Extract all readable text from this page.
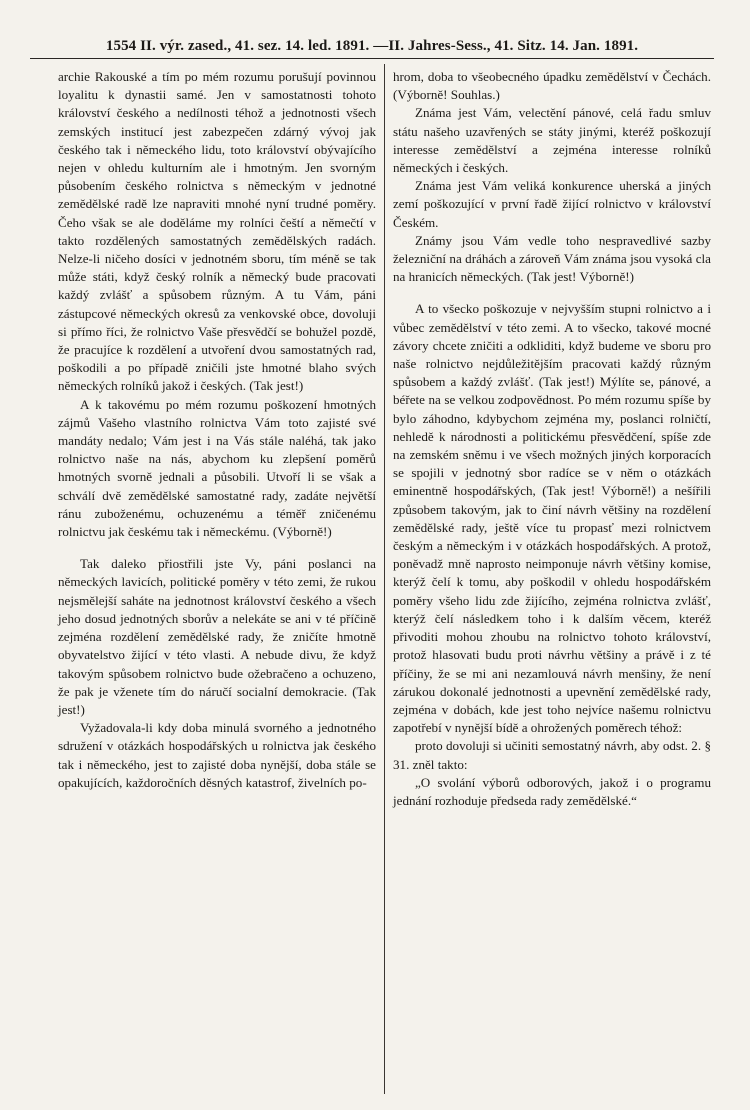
1554 II. výr. zased., 41. sez. 14. led. 1891. —II. Jahres-Sess., 41. Sitz. 14. Jan. 1891.

archie Rakouské a tím po mém rozumu porušují povinnou loyalitu k dynastii samé. Jen v samostatnosti tohoto království českého a nedílnosti téhož a jednotnosti všech zemských institucí jest zabezpečen zdárný vývoj jak českého tak i německého lidu, toto království obývajícího nejen v ohledu kulturním ale i hmotným. Jen svorným působením českého rolnictva s německým v jednotné zemědělské radě lze napraviti mnohé nyní trudné poměry. Čeho však se ale doděláme my rolníci čeští a němečtí v takto rozdělených samostatných zemědělských radách. Nelze-li ničeho dosíci v jednotném sboru, tím méně se tak může státi, když český rolník a německý bude pracovati každý zvlášť a spůsobem různým. A tu Vám, páni zástupcové německých okresů za venkovské obce, dovoluji si přímo říci, že rolnictvo Vaše přesvědčí se bohužel pozdě, že pracujíce k rozdělení a utvoření dvou samostatných rad, poškodili a po případě zničili jste hmotné blaho svých německých rolníků jakož i českých. (Tak jest!)

A k takovému po mém rozumu poškození hmotných zájmů Vašeho vlastního rolnictva Vám toto zajisté své mandáty nedalo; Vám jest i na Vás stále naléhá, tak jako rolnictvo naše na nás, abychom ku zlepšení poměrů hmotných svorně jednali a působili. Utvoří li se však a schválí dvě zemědělské samostatné rady, zadáte největší ránu zuboženému, ochuzenému a téměř zničenému rolnictvu jak českému tak i německému. (Výborně!)

Tak daleko přiostřili jste Vy, páni poslanci na německých lavicích, politické poměry v této zemi, že rukou nejsmělejší saháte na jednotnost království českého a všech jeho dosud jednotných sborův a nelekáte se ani v té příčině zejména rozdělení zemědělské rady, že zničíte hmotně obyvatelstvo žijící v této vlasti. A nebude divu, že když takovým spůsobem rolnictvo bude ožebračeno a ochuzeno, že pak je vženete tím do náručí socialní demokracie. (Tak jest!)

Vyžadovala-li kdy doba minulá svorného a jednotného sdružení v otázkách hospodářských u rolnictva jak českého tak i německého, jest to zajisté doba nynější, doba stále se opakujících, každoročních děsných katastrof, živelních po-

hrom, doba to všeobecného úpadku zemědělství v Čechách. (Výborně! Souhlas.)

Známa jest Vám, velectění pánové, celá řadu smluv státu našeho uzavřených se státy jinými, kteréž poškozují interesse zemědělství a zejména interesse rolníků německých i českých.

Známa jest Vám veliká konkurence uherská a jiných zemí poškozující v první řadě žijící rolnictvo v království Českém.

Známy jsou Vám vedle toho nespravedlivé sazby železniční na dráhách a zároveň Vám známa jsou vysoká cla na hranicích německých. (Tak jest! Výborně!)

A to všecko poškozuje v nejvyšším stupni rolnictvo a i vůbec zemědělství v této zemi. A to všecko, takové mocné závory chcete zničiti a odkliditi, když budeme ve sboru pro naše rolnictvo nejdůležitějším pracovati každý různým spůsobem a každý zvlášť. (Tak jest!) Mýlíte se, pánové, a béřete na se velkou zodpovědnost. Po mém rozumu spíše by bylo záhodno, kdybychom zejména my, poslanci rolničtí, nehledě k národnosti a politickému přesvědčení, spíše zde na zemském sněmu i ve všech možných jiných korporacích se spojili v jednotný sbor radíce se v něm o otázkách eminentně hospodářských, (Tak jest! Výborně!) a nešířili způsobem takovým, jak to činí návrh většiny na rozdělení zemědělské rady, ještě více tu propasť mezi rolnictvem českým a německým i v otázkách hospodářských. A protož, poněvadž mně naprosto neimponuje návrh většiny komise, kterýž čelí k tomu, aby poškodil v ohledu hospodářském poměry všeho lidu zde žijícího, zejména rolnictva zvlášť, kterýž čelí následkem toho i k dalším věcem, kteréž přivoditi mohou zhoubu na rolnictvo tohoto království, protož hlasovati budu proti návrhu většiny a právě i z té příčiny, že se mi ani nezamlouvá návrh menšiny, že není zárukou dokonalé jednotnosti a upevnění zemědělské rady, zejména v dobách, kde jest toho nejvíce našemu rolnictvu zapotřebí v nynější bídě a ohrožených poměrech téhož:

proto dovoluji si učiniti semostatný návrh, aby odst. 2. § 31. zněl takto:

„O svolání výborů odborových, jakož i o programu jednání rozhoduje předseda rady zemědělské.“
